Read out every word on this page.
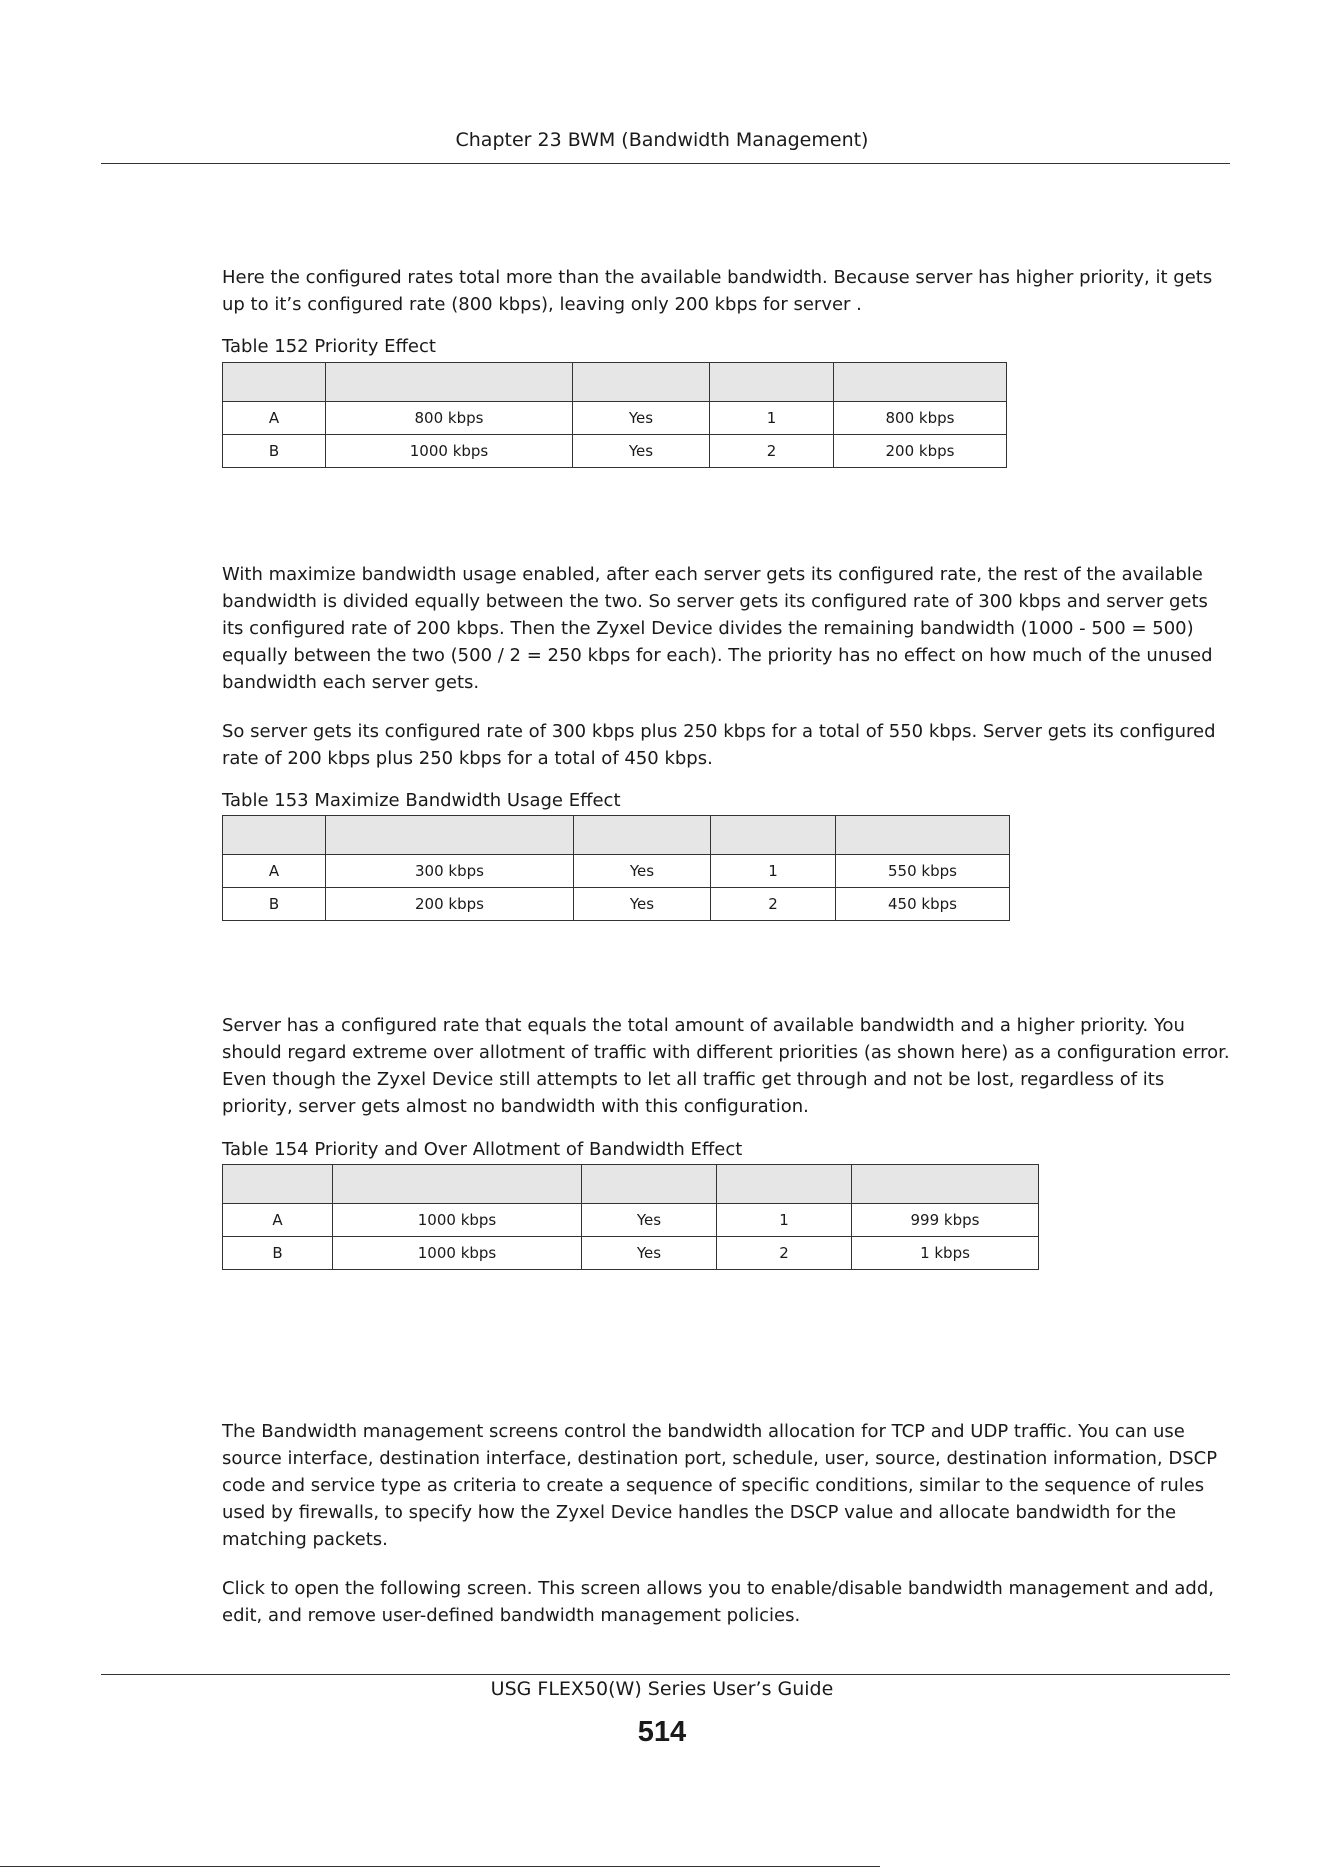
Chapter 23 BWM (Bandwidth Management)

Here the configured rates total more than the available bandwidth. Because server has higher priority, it gets up to it’s configured rate (800 kbps), leaving only 200 kbps for server .

Table 152 Priority Effect

A	800 kbps	Yes	1	800 kbps
B	1000 kbps	Yes	2	200 kbps

With maximize bandwidth usage enabled, after each server gets its configured rate, the rest of the available bandwidth is divided equally between the two. So server gets its configured rate of 300 kbps and server gets its configured rate of 200 kbps. Then the Zyxel Device divides the remaining bandwidth (1000 - 500 = 500) equally between the two (500 / 2 = 250 kbps for each). The priority has no effect on how much of the unused bandwidth each server gets.

So server gets its configured rate of 300 kbps plus 250 kbps for a total of 550 kbps. Server gets its configured rate of 200 kbps plus 250 kbps for a total of 450 kbps.

Table 153 Maximize Bandwidth Usage Effect

A	300 kbps	Yes	1	550 kbps
B	200 kbps	Yes	2	450 kbps

Server has a configured rate that equals the total amount of available bandwidth and a higher priority. You should regard extreme over allotment of traffic with different priorities (as shown here) as a configuration error. Even though the Zyxel Device still attempts to let all traffic get through and not be lost, regardless of its priority, server gets almost no bandwidth with this configuration.

Table 154 Priority and Over Allotment of Bandwidth Effect

A	1000 kbps	Yes	1	999 kbps
B	1000 kbps	Yes	2	1 kbps

The Bandwidth management screens control the bandwidth allocation for TCP and UDP traffic. You can use source interface, destination interface, destination port, schedule, user, source, destination information, DSCP code and service type as criteria to create a sequence of specific conditions, similar to the sequence of rules used by firewalls, to specify how the Zyxel Device handles the DSCP value and allocate bandwidth for the matching packets.

Click to open the following screen. This screen allows you to enable/disable bandwidth management and add, edit, and remove user-defined bandwidth management policies.

USG FLEX50(W) Series User’s Guide
514
